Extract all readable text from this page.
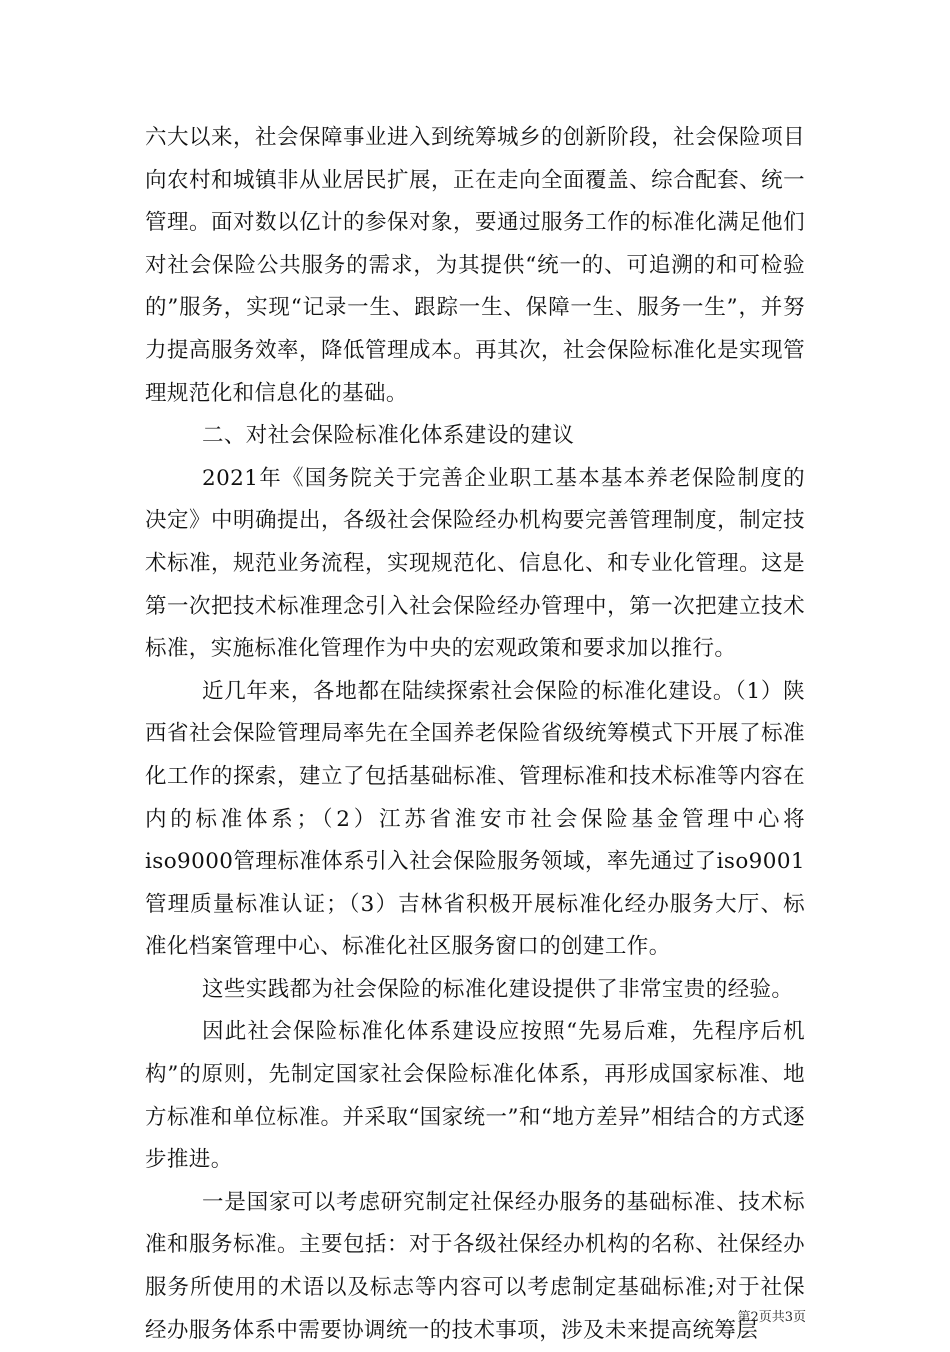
六大以来，社会保障事业进入到统筹城乡的创新阶段，社会保险项目向农村和城镇非从业居民扩展，正在走向全面覆盖、综合配套、统一管理。面对数以亿计的参保对象，要通过服务工作的标准化满足他们对社会保险公共服务的需求，为其提供“统一的、可追溯的和可检验的”服务，实现“记录一生、跟踪一生、保障一生、服务一生”，并努力提高服务效率，降低管理成本。再其次，社会保险标准化是实现管理规范化和信息化的基础。

二、对社会保险标准化体系建设的建议

2021年《国务院关于完善企业职工基本基本养老保险制度的决定》中明确提出，各级社会保险经办机构要完善管理制度，制定技术标准，规范业务流程，实现规范化、信息化、和专业化管理。这是第一次把技术标准理念引入社会保险经办管理中，第一次把建立技术标准，实施标准化管理作为中央的宏观政策和要求加以推行。

近几年来，各地都在陆续探索社会保险的标准化建设。（1）陕西省社会保险管理局率先在全国养老保险省级统筹模式下开展了标准化工作的探索，建立了包括基础标准、管理标准和技术标准等内容在内的标准体系；（2）江苏省淮安市社会保险基金管理中心将iso9000管理标准体系引入社会保险服务领域，率先通过了iso9001管理质量标准认证；（3）吉林省积极开展标准化经办服务大厅、标准化档案管理中心、标准化社区服务窗口的创建工作。

这些实践都为社会保险的标准化建设提供了非常宝贵的经验。

因此社会保险标准化体系建设应按照“先易后难，先程序后机构”的原则，先制定国家社会保险标准化体系，再形成国家标准、地方标准和单位标准。并采取“国家统一”和“地方差异”相结合的方式逐步推进。

一是国家可以考虑研究制定社保经办服务的基础标准、技术标准和服务标准。主要包括：对于各级社保经办机构的名称、社保经办服务所使用的术语以及标志等内容可以考虑制定基础标准;对于社保经办服务体系中需要协调统一的技术事项，涉及未来提高统筹层

第2页共3页
